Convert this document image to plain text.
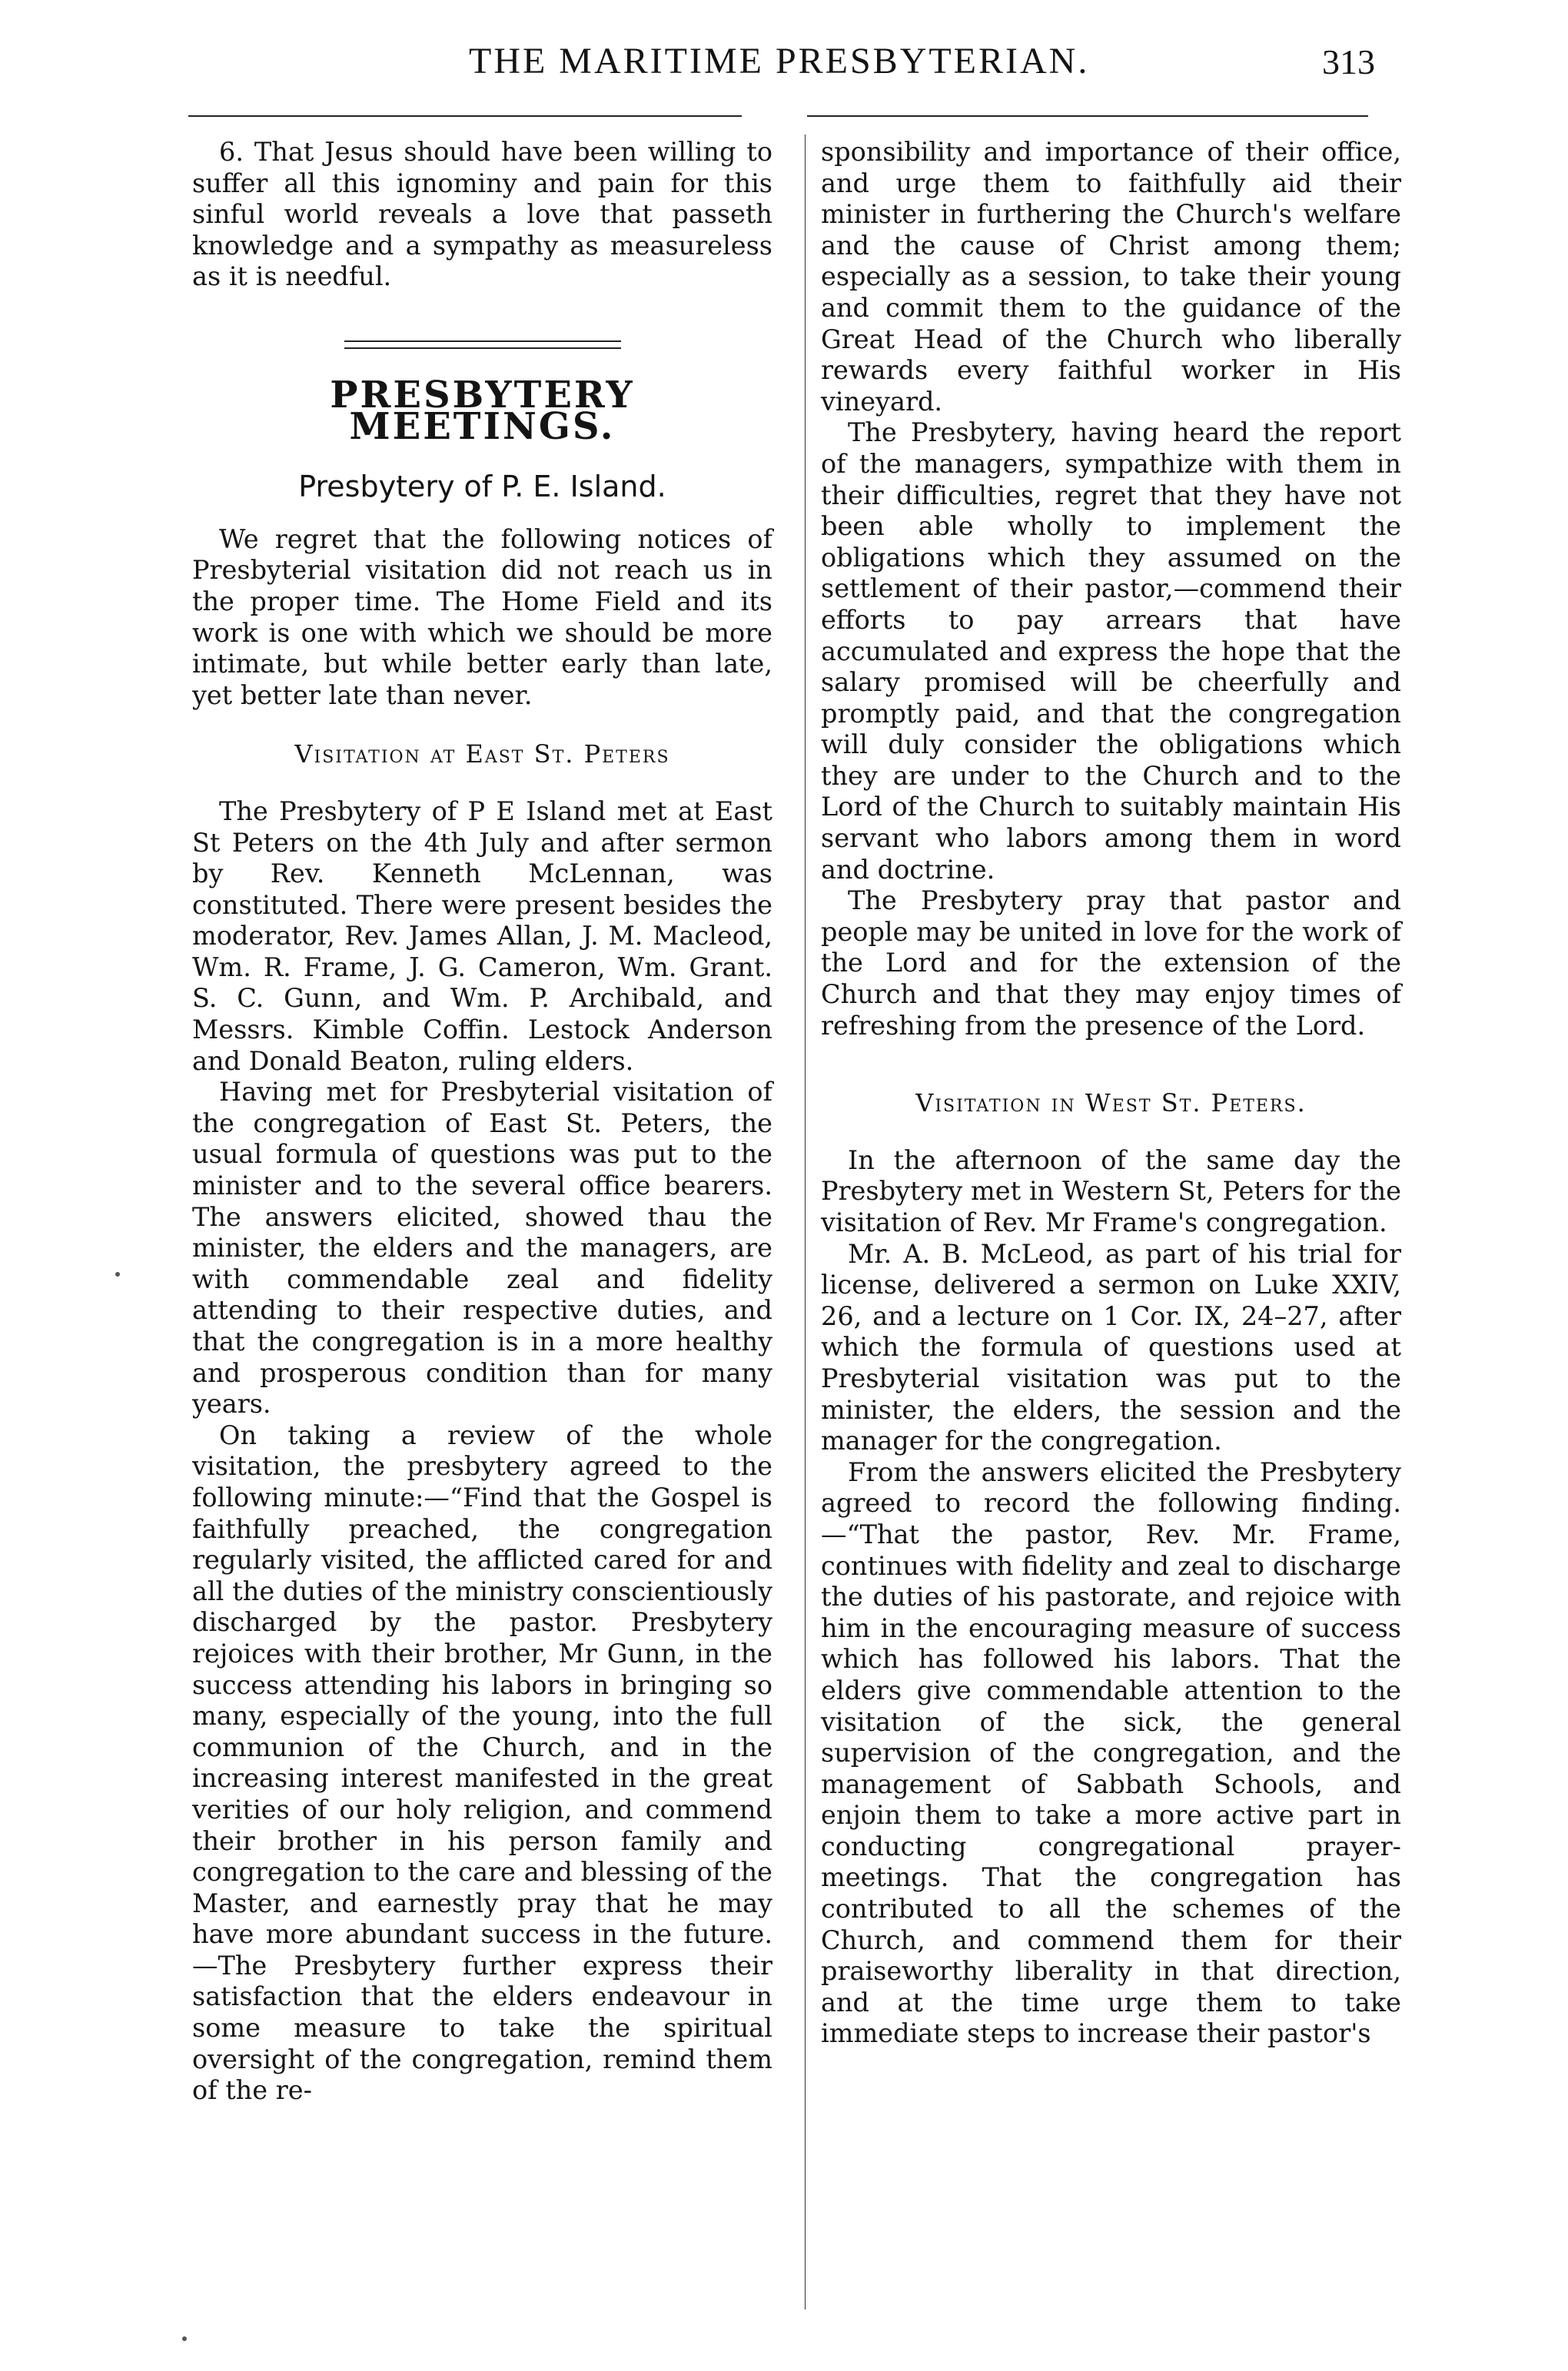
THE MARITIME PRESBYTERIAN.	313

6. That Jesus should have been willing to suffer all this ignominy and pain for this sinful world reveals a love that passeth knowledge and a sympathy as measureless as it is needful.

PRESBYTERY MEETINGS.
Presbytery of P. E. Island.

We regret that the following notices of Presbyterial visitation did not reach us in the proper time. The Home Field and its work is one with which we should be more intimate, but while better early than late, yet better late than never.

Visitation at East St. Peters

The Presbytery of P E Island met at East St Peters on the 4th July and after sermon by Rev. Kenneth McLennan, was constituted. There were present besides the moderator, Rev. James Allan, J. M. Macleod, Wm. R. Frame, J. G. Cameron, Wm. Grant. S. C. Gunn, and Wm. P. Archibald, and Messrs. Kimble Coffin. Lestock Anderson and Donald Beaton, ruling elders.

Having met for Presbyterial visitation of the congregation of East St. Peters, the usual formula of questions was put to the minister and to the several office bearers. The answers elicited, showed thau the minister, the elders and the managers, are with commendable zeal and fidelity attending to their respective duties, and that the congregation is in a more healthy and prosperous condition than for many years.

On taking a review of the whole visitation, the presbytery agreed to the following minute:—“Find that the Gospel is faithfully preached, the congregation regularly visited, the afflicted cared for and all the duties of the ministry conscientiously discharged by the pastor. Presbytery rejoices with their brother, Mr Gunn, in the success attending his labors in bringing so many, especially of the young, into the full communion of the Church, and in the increasing interest manifested in the great verities of our holy religion, and commend their brother in his person family and congregation to the care and blessing of the Master, and earnestly pray that he may have more abundant success in the future.—The Presbytery further express their satisfaction that the elders endeavour in some measure to take the spiritual oversight of the congregation, remind them of the re-

sponsibility and importance of their office, and urge them to faithfully aid their minister in furthering the Church's welfare and the cause of Christ among them; especially as a session, to take their young and commit them to the guidance of the Great Head of the Church who liberally rewards every faithful worker in His vineyard.

The Presbytery, having heard the report of the managers, sympathize with them in their difficulties, regret that they have not been able wholly to implement the obligations which they assumed on the settlement of their pastor,—commend their efforts to pay arrears that have accumulated and express the hope that the salary promised will be cheerfully and promptly paid, and that the congregation will duly consider the obligations which they are under to the Church and to the Lord of the Church to suitably maintain His servant who labors among them in word and doctrine.

The Presbytery pray that pastor and people may be united in love for the work of the Lord and for the extension of the Church and that they may enjoy times of refreshing from the presence of the Lord.

Visitation in West St. Peters.

In the afternoon of the same day the Presbytery met in Western St, Peters for the visitation of Rev. Mr Frame's congregation.

Mr. A. B. McLeod, as part of his trial for license, delivered a sermon on Luke XXIV, 26, and a lecture on 1 Cor. IX, 24–27, after which the formula of questions used at Presbyterial visitation was put to the minister, the elders, the session and the manager for the congregation.

From the answers elicited the Presbytery agreed to record the following finding.—“That the pastor, Rev. Mr. Frame, continues with fidelity and zeal to discharge the duties of his pastorate, and rejoice with him in the encouraging measure of success which has followed his labors. That the elders give commendable attention to the visitation of the sick, the general supervision of the congregation, and the management of Sabbath Schools, and enjoin them to take a more active part in conducting congregational prayer-meetings. That the congregation has contributed to all the schemes of the Church, and commend them for their praiseworthy liberality in that direction, and at the time urge them to take immediate steps to increase their pastor's
